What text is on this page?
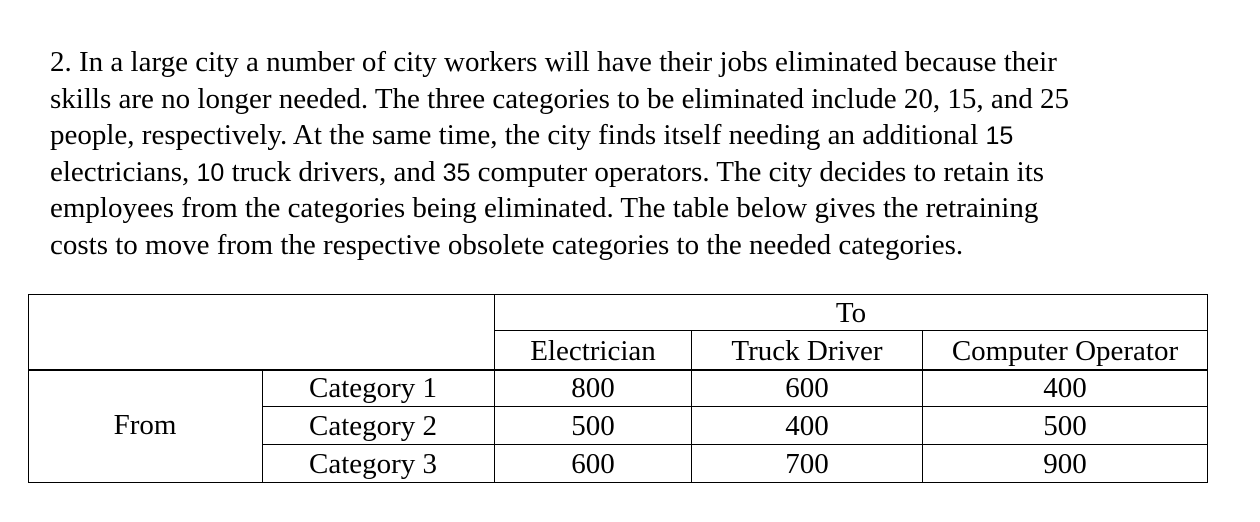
2. In a large city a number of city workers will have their jobs eliminated because their
skills are no longer needed. The three categories to be eliminated include 20, 15, and 25
people, respectively. At the same time, the city finds itself needing an additional 15
electricians, 10 truck drivers, and 35 computer operators. The city decides to retain its
employees from the categories being eliminated. The table below gives the retraining
costs to move from the respective obsolete categories to the needed categories.
To
Electrician	Truck Driver	Computer Operator
From
Category 1	800	600	400
Category 2	500	400	500
Category 3	600	700	900
